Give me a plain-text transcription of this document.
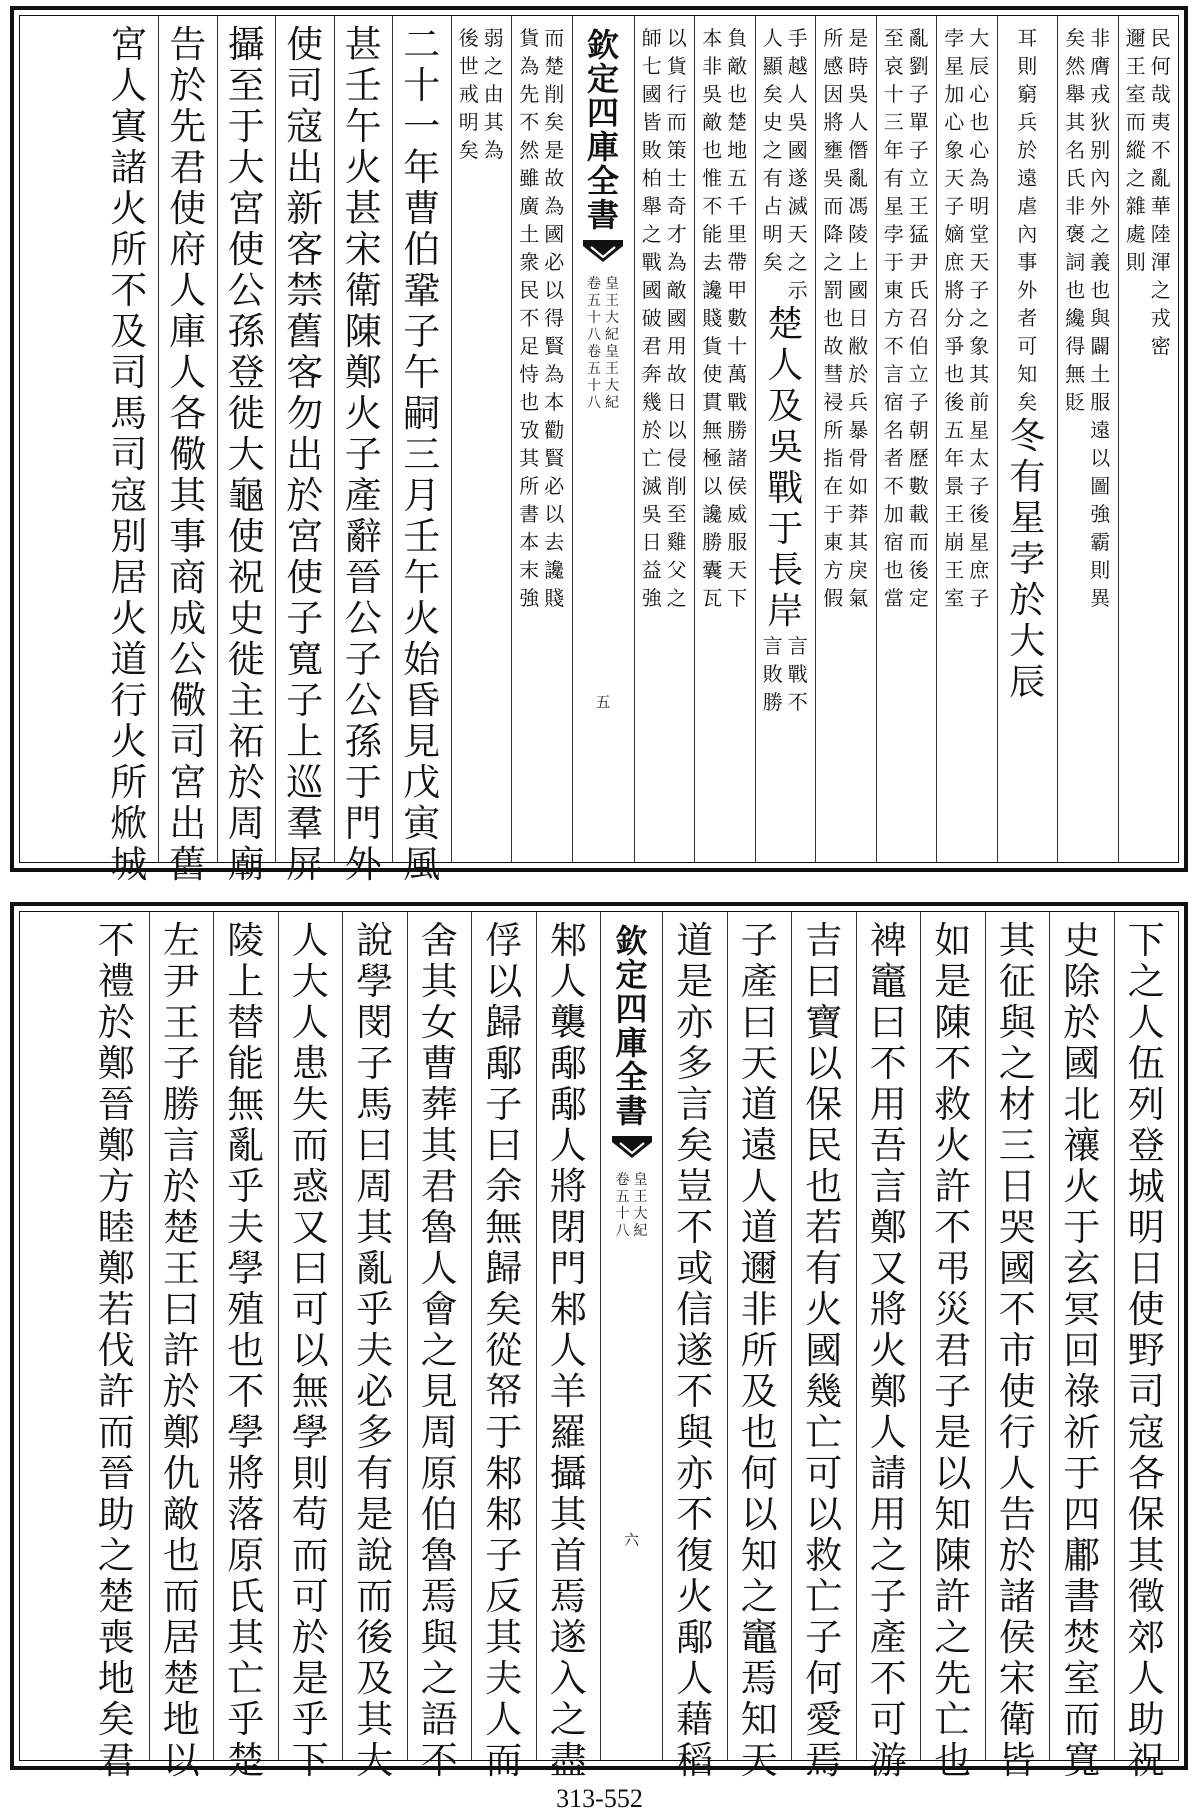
民
何
哉
夷
不
亂
華
陸
渾
之
戎
密
邇
王
室
而
縱
之
雜
處
則
非
膺
戎
狄
别
內
外
之
義
也
與
闢
土
服
遠
以
圖
強
霸
則
異
矣
然
舉
其
名
氏
非
褒
詞
也
纔
得
無
貶
耳
則
窮
兵
於
遠
虐
內
事
外
者
可
知
矣
冬
有
星
孛
於
大
辰
大
辰
心
也
心
為
明
堂
天
子
之
象
其
前
星
太
子
後
星
庶
子
孛
星
加
心
象
天
子
嫡
庶
將
分
爭
也
後
五
年
景
王
崩
王
室
亂
劉
子
單
子
立
王
猛
尹
氏
召
伯
立
子
朝
歷
數
載
而
後
定
至
哀
十
三
年
有
星
孛
于
東
方
不
言
宿
名
者
不
加
宿
也
當
是
時
吳
人
僭
亂
馮
陵
上
國
日
敝
於
兵
暴
骨
如
莽
其
戾
氣
所
感
因
將
壅
吳
而
降
之
罰
也
故
彗
祲
所
指
在
于
東
方
假
手
越
人
吳
國
遂
滅
天
之
示
人
顯
矣
史
之
有
占
明
矣
楚
人
及
吳
戰
于
長
岸
言
戰
不
言
敗
勝
負
敵
也
楚
地
五
千
里
帶
甲
數
十
萬
戰
勝
諸
侯
威
服
天
下
本
非
吳
敵
也
惟
不
能
去
讒
賤
貨
使
貫
無
極
以
讒
勝
囊
瓦
以
貨
行
而
策
士
奇
才
為
敵
國
用
故
日
以
侵
削
至
雞
父
之
師
七
國
皆
敗
柏
舉
之
戰
國
破
君
奔
幾
於
亡
滅
吳
日
益
強
欽
定
四
庫
全
書
皇
王
大
紀
皇
王
大
紀
卷
五
十
八
卷
五
十
八
五
而
楚
削
矣
是
故
為
國
必
以
得
賢
為
本
勸
賢
必
以
去
讒
賤
貨
為
先
不
然
雖
廣
土
衆
民
不
足
恃
也
攷
其
所
書
本
末
強
弱
之
由
其
為
後
世
戒
明
矣
二
十
一
年
曹
伯
鞏
子
午
嗣
三
月
壬
午
火
始
昏
見
戊
寅
風
甚
壬
午
火
甚
宋
衛
陳
鄭
火
子
產
辭
晉
公
子
公
孫
于
門
外
使
司
寇
出
新
客
禁
舊
客
勿
出
於
宮
使
子
寬
子
上
巡
羣
屏
攝
至
于
大
宮
使
公
孫
登
徙
大
龜
使
祝
史
徙
主
祏
於
周
廟
告
於
先
君
使
府
人
庫
人
各
儆
其
事
商
成
公
儆
司
宮
出
舊
宮
人
寘
諸
火
所
不
及
司
馬
司
寇
別
居
火
道
行
火
所
焮
城
下
之
人
伍
列
登
城
明
日
使
野
司
寇
各
保
其
徵
郊
人
助
祝
史
除
於
國
北
禳
火
于
玄
冥
回
祿
祈
于
四
鄘
書
焚
室
而
寬
其
征
與
之
材
三
日
哭
國
不
市
使
行
人
告
於
諸
侯
宋
衛
皆
如
是
陳
不
救
火
許
不
弔
災
君
子
是
以
知
陳
許
之
先
亡
也
裨
竈
曰
不
用
吾
言
鄭
又
將
火
鄭
人
請
用
之
子
產
不
可
游
吉
曰
寶
以
保
民
也
若
有
火
國
幾
亡
可
以
救
亡
子
何
愛
焉
子
產
曰
天
道
遠
人
道
邇
非
所
及
也
何
以
知
之
竈
焉
知
天
道
是
亦
多
言
矣
豈
不
或
信
遂
不
與
亦
不
復
火
鄅
人
藉
稻
欽
定
四
庫
全
書
皇
王
大
紀
卷
五
十
八
六
邾
人
襲
鄅
鄅
人
將
閉
門
邾
人
羊
羅
攝
其
首
焉
遂
入
之
盡
俘
以
歸
鄅
子
曰
余
無
歸
矣
從
帑
于
邾
邾
子
反
其
夫
人
而
舍
其
女
曹
葬
其
君
魯
人
會
之
見
周
原
伯
魯
焉
與
之
語
不
說
學
閔
子
馬
曰
周
其
亂
乎
夫
必
多
有
是
說
而
後
及
其
大
人
大
人
患
失
而
惑
又
曰
可
以
無
學
則
苟
而
可
於
是
乎
下
陵
上
替
能
無
亂
乎
夫
學
殖
也
不
學
將
落
原
氏
其
亡
乎
楚
左
尹
王
子
勝
言
於
楚
王
曰
許
於
鄭
仇
敵
也
而
居
楚
地
以
不
禮
於
鄭
晉
鄭
方
睦
鄭
若
伐
許
而
晉
助
之
楚
喪
地
矣
君
313-552
